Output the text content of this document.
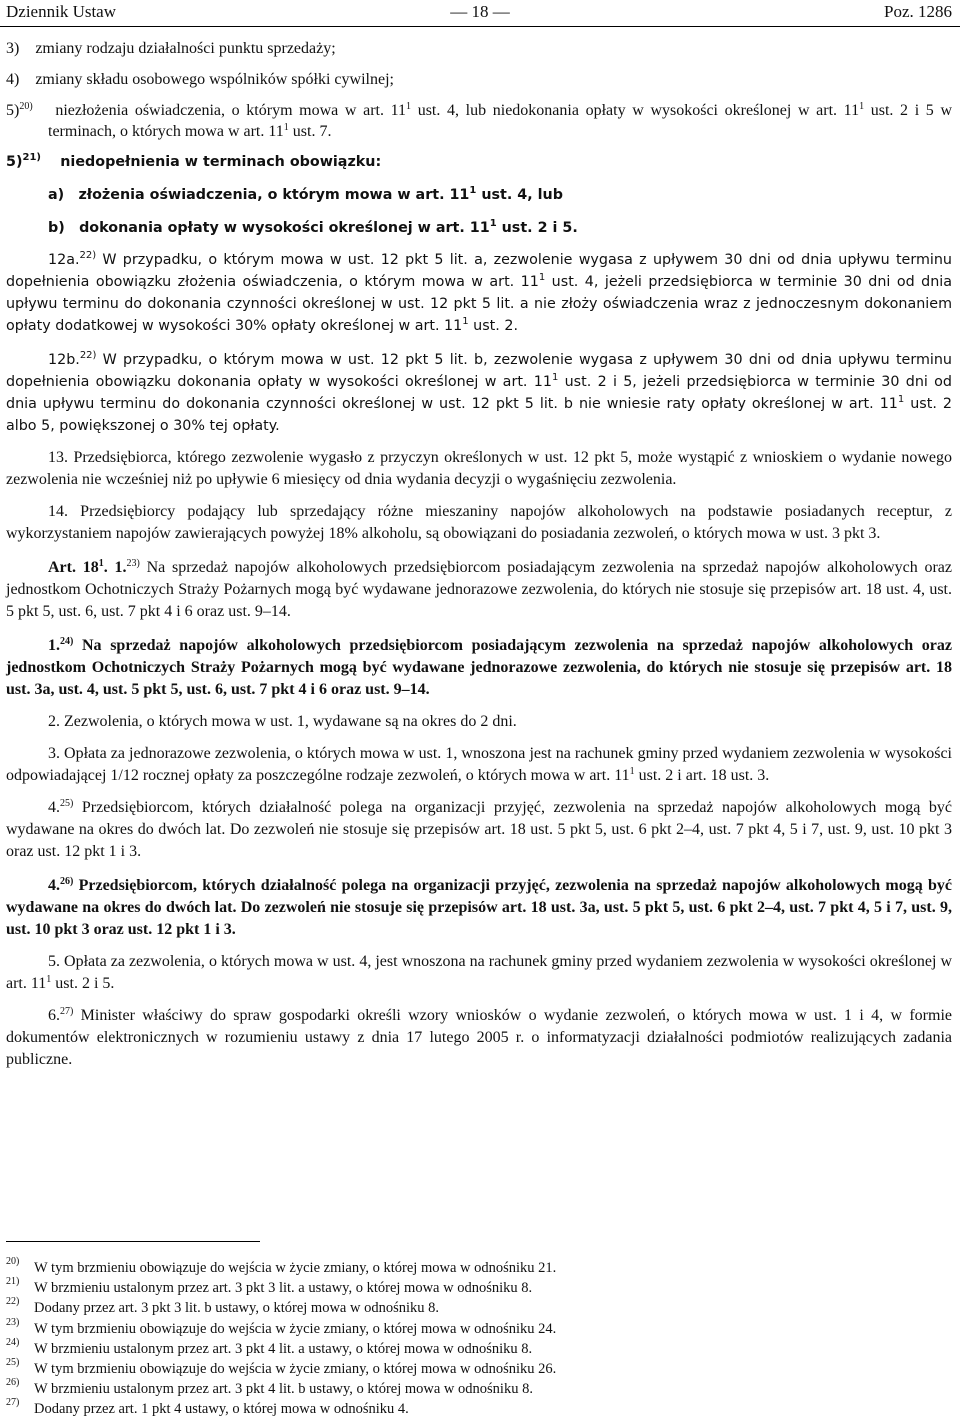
Dziennik Ustaw	— 18 —	Poz. 1286

3) zmiany rodzaju działalności punktu sprzedaży;

4) zmiany składu osobowego wspólników spółki cywilnej;

5)$^{20)}$  niezłożenia oświadczenia, o którym mowa w art. $11^1$ ust. 4, lub niedokonania opłaty w wysokości określonej w art. $11^1$ ust. 2 i 5 w terminach, o których mowa w art. $11^1$ ust. 7.

5)$^{21)}$  niedopełnienia w terminach obowiązku:

a) złożenia oświadczenia, o którym mowa w art. $11^1$ ust. 4, lub

b) dokonania opłaty w wysokości określonej w art. $11^1$ ust. 2 i 5.

12a.$^{22)}$ W przypadku, o którym mowa w ust. 12 pkt 5 lit. a, zezwolenie wygasa z upływem 30 dni od dnia upływu terminu dopełnienia obowiązku złożenia oświadczenia, o którym mowa w art. $11^1$ ust. 4, jeżeli przedsiębiorca w terminie 30 dni od dnia upływu terminu do dokonania czynności określonej w ust. 12 pkt 5 lit. a nie złoży oświadczenia wraz z jednoczesnym dokonaniem opłaty dodatkowej w wysokości 30% opłaty określonej w art. $11^1$ ust. 2.

12b.$^{22)}$ W przypadku, o którym mowa w ust. 12 pkt 5 lit. b, zezwolenie wygasa z upływem 30 dni od dnia upływu terminu dopełnienia obowiązku dokonania opłaty w wysokości określonej w art. $11^1$ ust. 2 i 5, jeżeli przedsiębiorca w terminie 30 dni od dnia upływu terminu do dokonania czynności określonej w ust. 12 pkt 5 lit. b nie wniesie raty opłaty określonej w art. $11^1$ ust. 2 albo 5, powiększonej o 30% tej opłaty.

13. Przedsiębiorca, którego zezwolenie wygasło z przyczyn określonych w ust. 12 pkt 5, może wystąpić z wnioskiem o wydanie nowego zezwolenia nie wcześniej niż po upływie 6 miesięcy od dnia wydania decyzji o wygaśnięciu zezwolenia.

14. Przedsiębiorcy podający lub sprzedający różne mieszaniny napojów alkoholowych na podstawie posiadanych receptur, z wykorzystaniem napojów zawierających powyżej 18% alkoholu, są obowiązani do posiadania zezwoleń, o których mowa w ust. 3 pkt 3.

Art. $18^1$. 1.$^{23)}$ Na sprzedaż napojów alkoholowych przedsiębiorcom posiadającym zezwolenia na sprzedaż napojów alkoholowych oraz jednostkom Ochotniczych Straży Pożarnych mogą być wydawane jednorazowe zezwolenia, do których nie stosuje się przepisów art. 18 ust. 4, ust. 5 pkt 5, ust. 6, ust. 7 pkt 4 i 6 oraz ust. 9–14.

1.$^{24)}$ Na sprzedaż napojów alkoholowych przedsiębiorcom posiadającym zezwolenia na sprzedaż napojów alkoholowych oraz jednostkom Ochotniczych Straży Pożarnych mogą być wydawane jednorazowe zezwolenia, do których nie stosuje się przepisów art. 18 ust. 3a, ust. 4, ust. 5 pkt 5, ust. 6, ust. 7 pkt 4 i 6 oraz ust. 9–14.

2. Zezwolenia, o których mowa w ust. 1, wydawane są na okres do 2 dni.

3. Opłata za jednorazowe zezwolenia, o których mowa w ust. 1, wnoszona jest na rachunek gminy przed wydaniem zezwolenia w wysokości odpowiadającej 1/12 rocznej opłaty za poszczególne rodzaje zezwoleń, o których mowa w art. $11^1$ ust. 2 i art. 18 ust. 3.

4.$^{25)}$ Przedsiębiorcom, których działalność polega na organizacji przyjęć, zezwolenia na sprzedaż napojów alkoholowych mogą być wydawane na okres do dwóch lat. Do zezwoleń nie stosuje się przepisów art. 18 ust. 5 pkt 5, ust. 6 pkt 2–4, ust. 7 pkt 4, 5 i 7, ust. 9, ust. 10 pkt 3 oraz ust. 12 pkt 1 i 3.

4.$^{26)}$ Przedsiębiorcom, których działalność polega na organizacji przyjęć, zezwolenia na sprzedaż napojów alkoholowych mogą być wydawane na okres do dwóch lat. Do zezwoleń nie stosuje się przepisów art. 18 ust. 3a, ust. 5 pkt 5, ust. 6 pkt 2–4, ust. 7 pkt 4, 5 i 7, ust. 9, ust. 10 pkt 3 oraz ust. 12 pkt 1 i 3.

5. Opłata za zezwolenia, o których mowa w ust. 4, jest wnoszona na rachunek gminy przed wydaniem zezwolenia w wysokości określonej w art. $11^1$ ust. 2 i 5.

6.$^{27)}$ Minister właściwy do spraw gospodarki określi wzory wniosków o wydanie zezwoleń, o których mowa w ust. 1 i 4, w formie dokumentów elektronicznych w rozumieniu ustawy z dnia 17 lutego 2005 r. o informatyzacji działalności podmiotów realizujących zadania publiczne.

20) W tym brzmieniu obowiązuje do wejścia w życie zmiany, o której mowa w odnośniku 21.
21) W brzmieniu ustalonym przez art. 3 pkt 3 lit. a ustawy, o której mowa w odnośniku 8.
22) Dodany przez art. 3 pkt 3 lit. b ustawy, o której mowa w odnośniku 8.
23) W tym brzmieniu obowiązuje do wejścia w życie zmiany, o której mowa w odnośniku 24.
24) W brzmieniu ustalonym przez art. 3 pkt 4 lit. a ustawy, o której mowa w odnośniku 8.
25) W tym brzmieniu obowiązuje do wejścia w życie zmiany, o której mowa w odnośniku 26.
26) W brzmieniu ustalonym przez art. 3 pkt 4 lit. b ustawy, o której mowa w odnośniku 8.
27) Dodany przez art. 1 pkt 4 ustawy, o której mowa w odnośniku 4.
